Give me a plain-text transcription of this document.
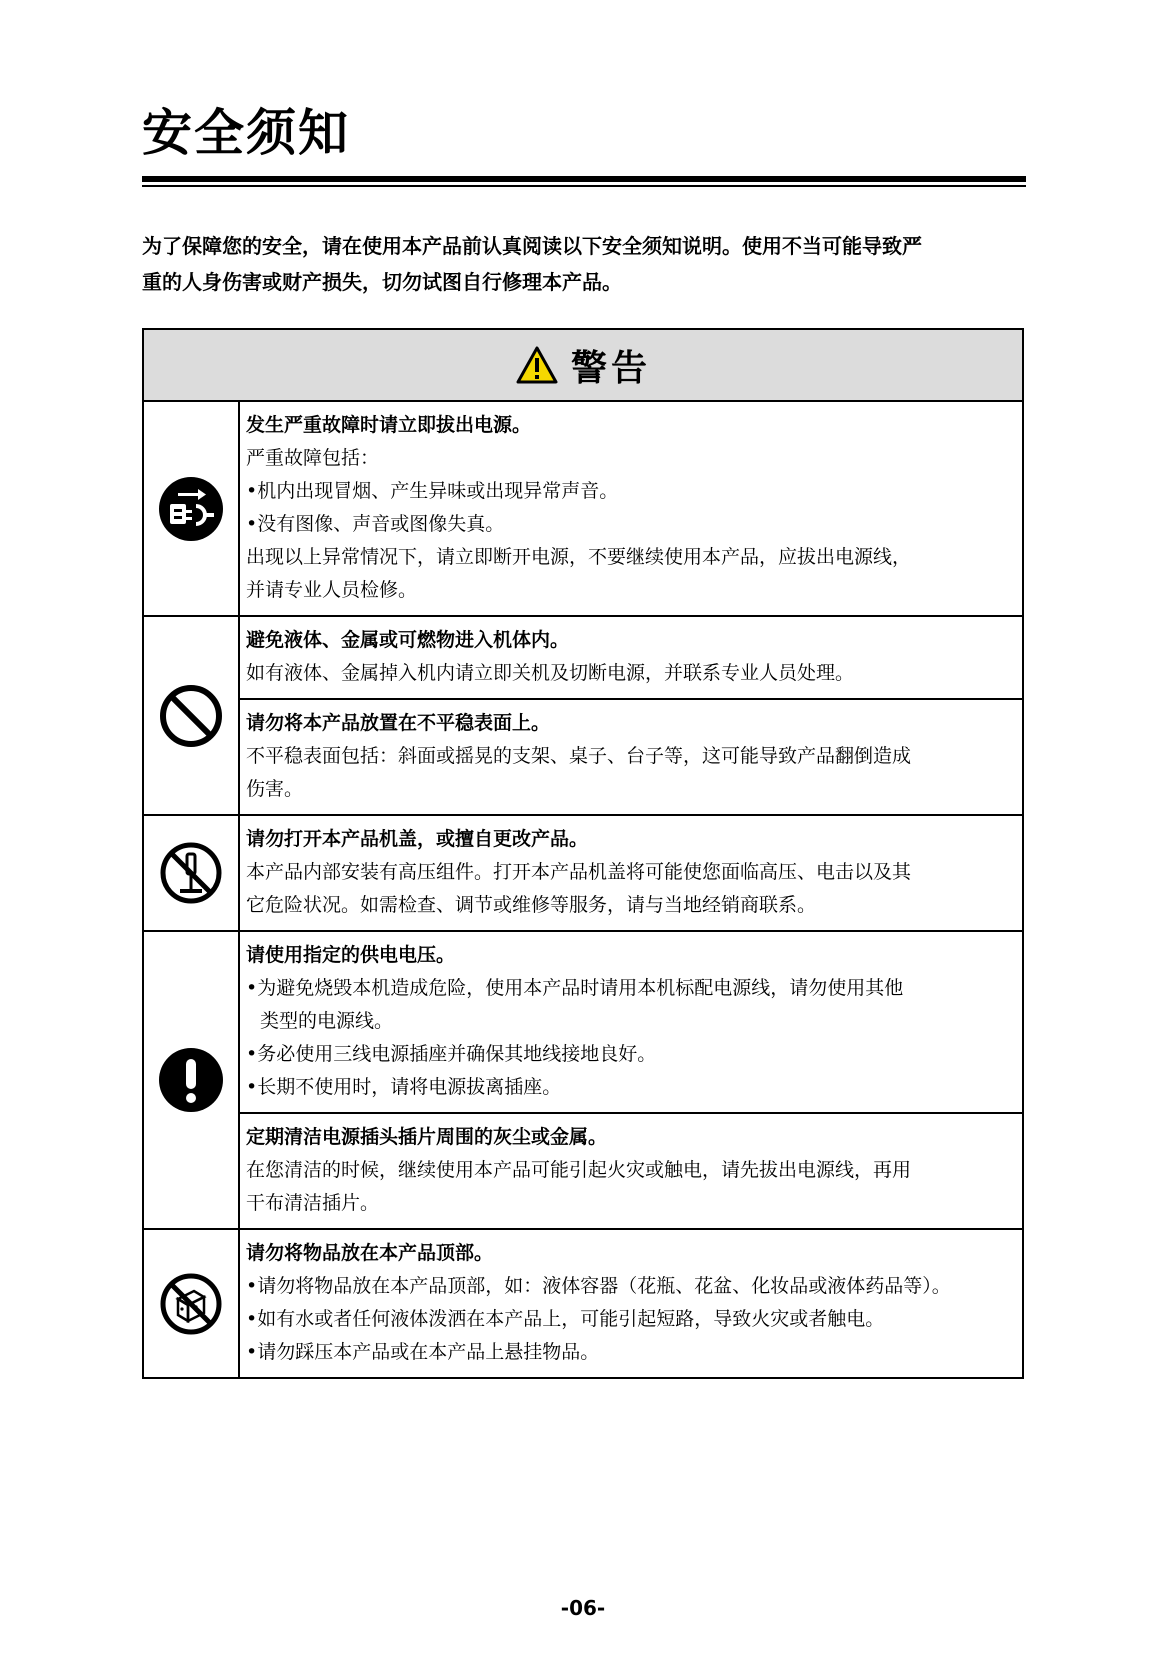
安全须知
为了保障您的安全，请在使用本产品前认真阅读以下安全须知说明。使用不当可能导致严
重的人身伤害或财产损失，切勿试图自行修理本产品。
警告
发生严重故障时请立即拔出电源。
严重故障包括：
•机内出现冒烟、产生异味或出现异常声音。
•没有图像、声音或图像失真。
出现以上异常情况下，请立即断开电源，不要继续使用本产品，应拔出电源线，
并请专业人员检修。
避免液体、金属或可燃物进入机体内。
如有液体、金属掉入机内请立即关机及切断电源，并联系专业人员处理。
请勿将本产品放置在不平稳表面上。
不平稳表面包括：斜面或摇晃的支架、桌子、台子等，这可能导致产品翻倒造成
伤害。
请勿打开本产品机盖，或擅自更改产品。
本产品内部安装有高压组件。打开本产品机盖将可能使您面临高压、电击以及其
它危险状况。如需检查、调节或维修等服务，请与当地经销商联系。
请使用指定的供电电压。
•为避免烧毁本机造成危险，使用本产品时请用本机标配电源线，请勿使用其他
类型的电源线。
•务必使用三线电源插座并确保其地线接地良好。
•长期不使用时，请将电源拔离插座。
定期清洁电源插头插片周围的灰尘或金属。
在您清洁的时候，继续使用本产品可能引起火灾或触电，请先拔出电源线，再用
干布清洁插片。
请勿将物品放在本产品顶部。
•请勿将物品放在本产品顶部，如：液体容器（花瓶、花盆、化妆品或液体药品等）。
•如有水或者任何液体泼洒在本产品上，可能引起短路，导致火灾或者触电。
•请勿踩压本产品或在本产品上悬挂物品。
-06-
